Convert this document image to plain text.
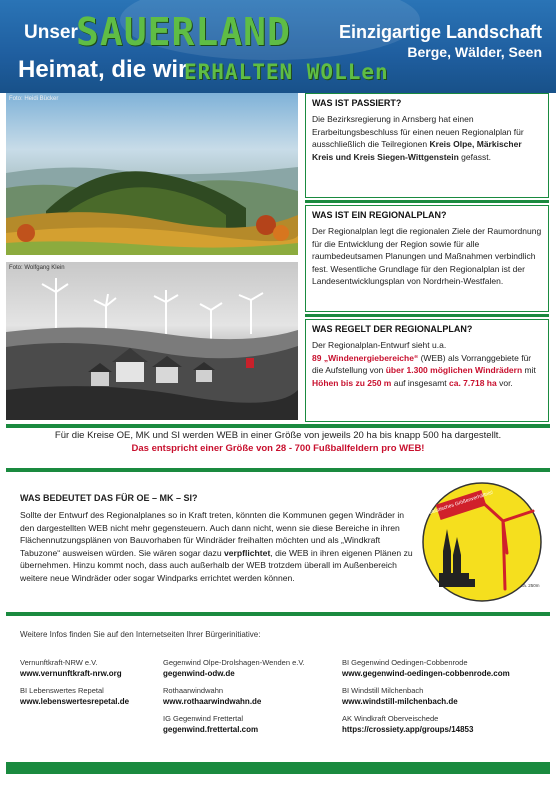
Unser
SAUERLAND
Heimat, die wir
ERHALTEN WOLLen
Einzigartige Landschaft
Berge, Wälder, Seen
Foto: Heidi Bücker
Foto: Wolfgang Klein
WAS IST PASSIERT?
Die Bezirksregierung in Arnsberg hat einen Erarbeitungsbeschluss für einen neuen Regionalplan für ausschließlich die Teilregionen Kreis Olpe, Märkischer Kreis und Kreis Siegen-Wittgenstein gefasst.
WAS IST EIN REGIONALPLAN?
Der Regionalplan legt die regionalen Ziele der Raumordnung für die Entwicklung der Region sowie für alle raumbedeutsamen Planungen und Maßnahmen verbindlich fest. Wesentliche Grundlage für den Regionalplan ist der Landesentwicklungsplan von Nordrhein-Westfalen.
WAS REGELT DER REGIONALPLAN?
Der Regionalplan-Entwurf sieht u.a.
89 „Windenergiebereiche“ (WEB) als Vorranggebiete für die Aufstellung von über 1.300 möglichen Windrädern mit Höhen bis zu 250 m auf insgesamt ca. 7.718 ha vor.
Für die Kreise OE, MK und SI werden WEB in einer Größe von jeweils 20 ha bis knapp 500 ha dargestellt.
Das entspricht einer Größe von 28 - 700 Fußballfeldern pro WEB!
WAS BEDEUTET DAS FÜR OE – MK – SI?
Sollte der Entwurf des Regionalplanes so in Kraft treten, könnten die Kommunen gegen Windräder in den dargestellten WEB nicht mehr gegensteuern. Auch dann nicht, wenn sie diese Bereiche in ihren Flächennutzungsplänen von Bauvorhaben für Windräder freihalten möchten und als „Windkraft Tabuzone“ ausweisen würden. Sie wären sogar dazu verpflichtet, die WEB in ihren eigenen Plänen zu übernehmen. Hinzu kommt noch, dass auch außerhalb der WEB trotzdem überall im Außenbereich weitere neue Windräder oder sogar Windparks errichtet werden können.
realistisches Größenverhältnis!
ca. 250m
Weitere Infos finden Sie auf den Internetseiten Ihrer Bürgerinitiative:
Vernunftkraft-NRW e.V.
www.vernunftkraft-nrw.org
BI Lebenswertes Repetal
www.lebenswertesrepetal.de
Gegenwind Olpe-Drolshagen-Wenden e.V.
gegenwind-odw.de
Rothaarwindwahn
www.rothaarwindwahn.de
IG Gegenwind Frettertal
gegenwind.frettertal.com
BI Gegenwind Oedingen-Cobbenrode
www.gegenwind-oedingen-cobbenrode.com
BI Windstill Milchenbach
www.windstill-milchenbach.de
AK Windkraft Oberveischede
https://crossiety.app/groups/14853
